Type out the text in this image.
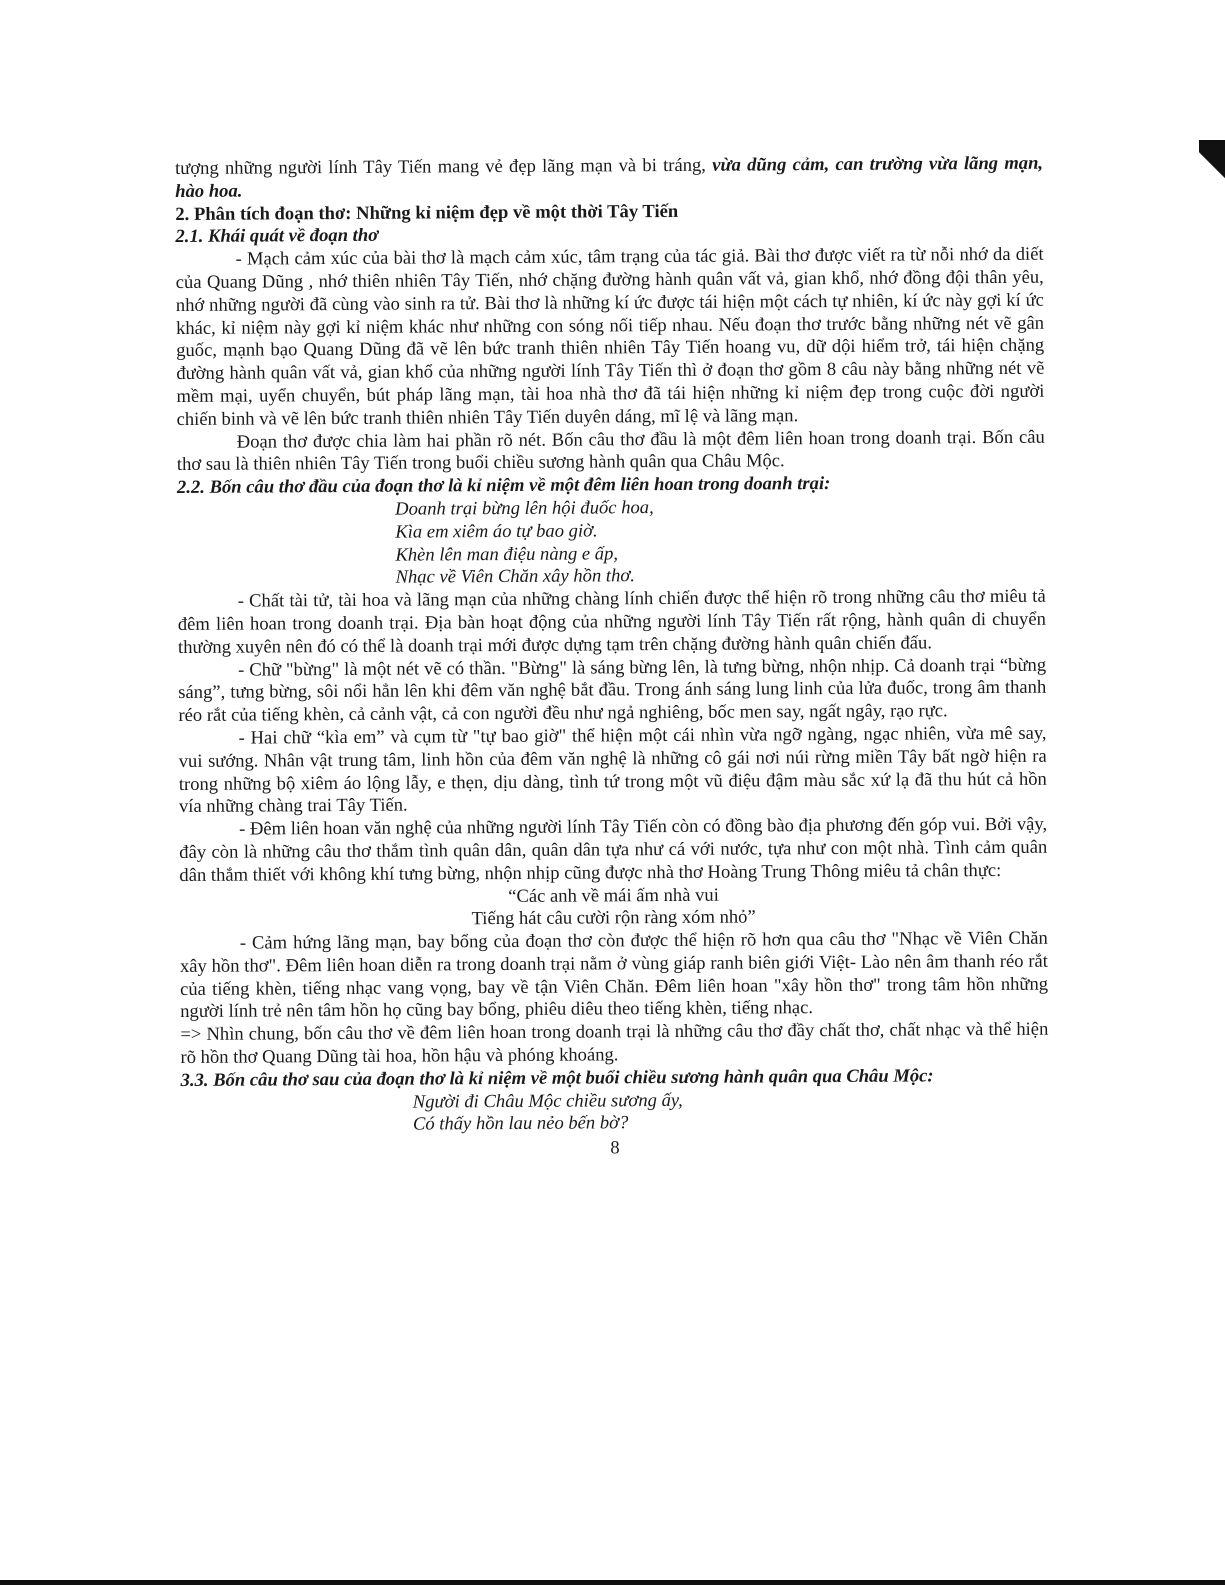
tượng những người lính Tây Tiến mang vẻ đẹp lãng mạn và bi tráng, vừa dũng cảm, can trường vừa lãng mạn, hào hoa.

2. Phân tích đoạn thơ: Những kỉ niệm đẹp về một thời Tây Tiến

2.1. Khái quát về đoạn thơ

- Mạch cảm xúc của bài thơ là mạch cảm xúc, tâm trạng của tác giả. Bài thơ được viết ra từ nỗi nhớ da diết của Quang Dũng , nhớ thiên nhiên Tây Tiến, nhớ chặng đường hành quân vất vả, gian khổ, nhớ đồng đội thân yêu, nhớ những người đã cùng vào sinh ra tử. Bài thơ là những kí ức được tái hiện một cách tự nhiên, kí ức này gợi kí ức khác, kỉ niệm này gợi kỉ niệm khác như những con sóng nối tiếp nhau. Nếu đoạn thơ trước bằng những nét vẽ gân guốc, mạnh bạo Quang Dũng đã vẽ lên bức tranh thiên nhiên Tây Tiến hoang vu, dữ dội hiểm trở, tái hiện chặng đường hành quân vất vả, gian khổ của những người lính Tây Tiến thì ở đoạn thơ gồm 8 câu này bằng những nét vẽ mềm mại, uyển chuyển, bút pháp lãng mạn, tài hoa nhà thơ đã tái hiện những kỉ niệm đẹp trong cuộc đời người chiến binh và vẽ lên bức tranh thiên nhiên Tây Tiến duyên dáng, mĩ lệ và lãng mạn.

Đoạn thơ được chia làm hai phần rõ nét. Bốn câu thơ đầu là một đêm liên hoan trong doanh trại. Bốn câu thơ sau là thiên nhiên Tây Tiến trong buổi chiều sương hành quân qua Châu Mộc.

2.2. Bốn câu thơ đầu của đoạn thơ là kỉ niệm về một đêm liên hoan trong doanh trại:

Doanh trại bừng lên hội đuốc hoa,
Kìa em xiêm áo tự bao giờ.
Khèn lên man điệu nàng e ấp,
Nhạc về Viên Chăn xây hồn thơ.

- Chất tài tử, tài hoa và lãng mạn của những chàng lính chiến được thể hiện rõ trong những câu thơ miêu tả đêm liên hoan trong doanh trại. Địa bàn hoạt động của những người lính Tây Tiến rất rộng, hành quân di chuyển thường xuyên nên đó có thể là doanh trại mới được dựng tạm trên chặng đường hành quân chiến đấu.

- Chữ "bừng" là một nét vẽ có thần. "Bừng" là sáng bừng lên, là tưng bừng, nhộn nhịp. Cả doanh trại “bừng sáng”, tưng bừng, sôi nổi hẳn lên khi đêm văn nghệ bắt đầu. Trong ánh sáng lung linh của lửa đuốc, trong âm thanh réo rắt của tiếng khèn, cả cảnh vật, cả con người đều như ngả nghiêng, bốc men say, ngất ngây, rạo rực.

- Hai chữ “kìa em” và cụm từ "tự bao giờ" thể hiện một cái nhìn vừa ngỡ ngàng, ngạc nhiên, vừa mê say, vui sướng. Nhân vật trung tâm, linh hồn của đêm văn nghệ là những cô gái nơi núi rừng miền Tây bất ngờ hiện ra trong những bộ xiêm áo lộng lẫy, e thẹn, dịu dàng, tình tứ trong một vũ điệu đậm màu sắc xứ lạ đã thu hút cả hồn vía những chàng trai Tây Tiến.

- Đêm liên hoan văn nghệ của những người lính Tây Tiến còn có đồng bào địa phương đến góp vui. Bởi vậy, đây còn là những câu thơ thắm tình quân dân, quân dân tựa như cá với nước, tựa như con một nhà. Tình cảm quân dân thắm thiết với không khí tưng bừng, nhộn nhịp cũng được nhà thơ Hoàng Trung Thông miêu tả chân thực:

“Các anh về mái ấm nhà vui
Tiếng hát câu cười rộn ràng xóm nhỏ”

- Cảm hứng lãng mạn, bay bổng của đoạn thơ còn được thể hiện rõ hơn qua câu thơ "Nhạc về Viên Chăn xây hồn thơ". Đêm liên hoan diễn ra trong doanh trại nằm ở vùng giáp ranh biên giới Việt- Lào nên âm thanh réo rắt của tiếng khèn, tiếng nhạc vang vọng, bay về tận Viên Chăn. Đêm liên hoan "xây hồn thơ" trong tâm hồn những người lính trẻ nên tâm hồn họ cũng bay bổng, phiêu diêu theo tiếng khèn, tiếng nhạc.

=> Nhìn chung, bốn câu thơ về đêm liên hoan trong doanh trại là những câu thơ đầy chất thơ, chất nhạc và thể hiện rõ hồn thơ Quang Dũng tài hoa, hồn hậu và phóng khoáng.

3.3. Bốn câu thơ sau của đoạn thơ là kỉ niệm về một buổi chiều sương hành quân qua Châu Mộc:

Người đi Châu Mộc chiều sương ấy,
Có thấy hồn lau nẻo bến bờ?
8
